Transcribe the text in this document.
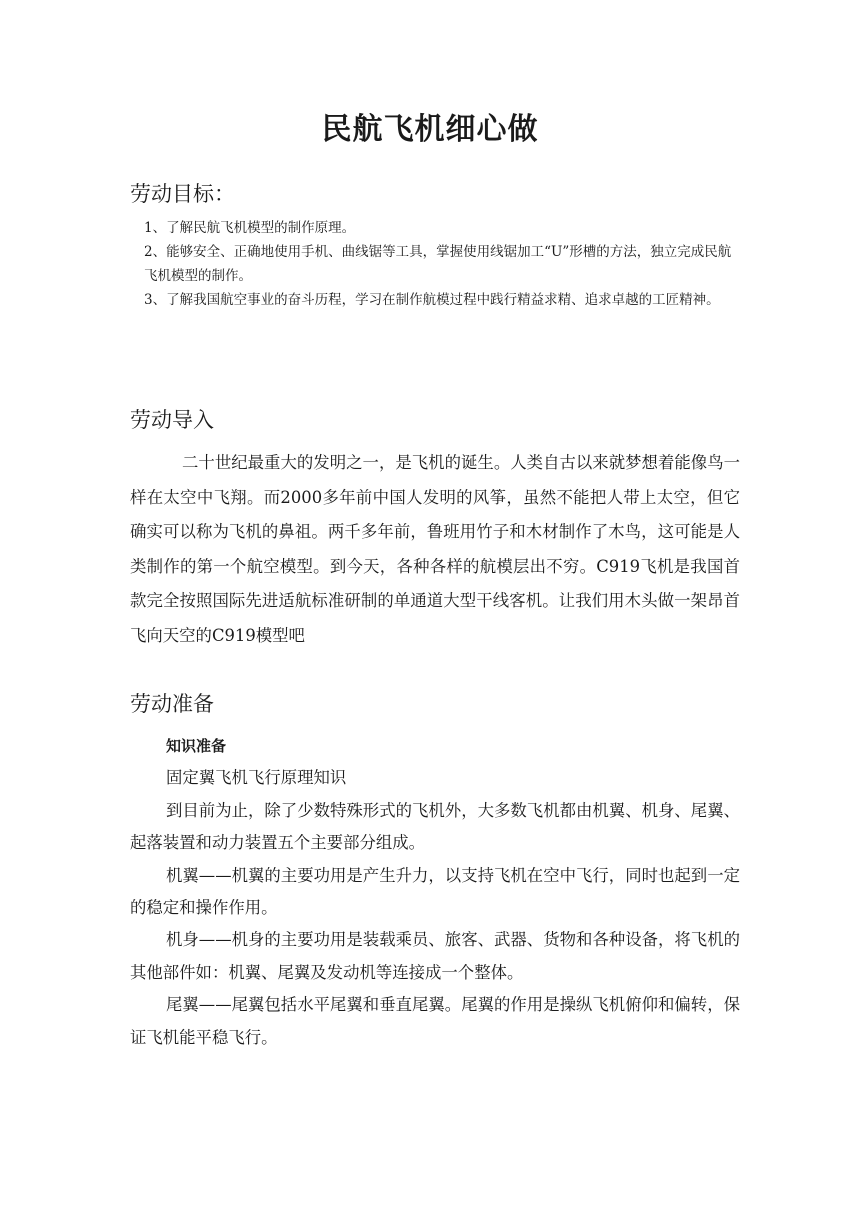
民航飞机细心做
劳动目标：
1、了解民航飞机模型的制作原理。
2、能够安全、正确地使用手机、曲线锯等工具，掌握使用线锯加工“U”形槽的方法，独立完成民航飞机模型的制作。
3、了解我国航空事业的奋斗历程，学习在制作航模过程中践行精益求精、追求卓越的工匠精神。
劳动导入
二十世纪最重大的发明之一，是飞机的诞生。人类自古以来就梦想着能像鸟一样在太空中飞翔。而2000多年前中国人发明的风筝，虽然不能把人带上太空，但它确实可以称为飞机的鼻祖。两千多年前，鲁班用竹子和木材制作了木鸟，这可能是人类制作的第一个航空模型。到今天，各种各样的航模层出不穷。C919飞机是我国首款完全按照国际先进适航标准研制的单通道大型干线客机。让我们用木头做一架昂首飞向天空的C919模型吧
劳动准备

知识准备

固定翼飞机飞行原理知识

到目前为止，除了少数特殊形式的飞机外，大多数飞机都由机翼、机身、尾翼、起落装置和动力装置五个主要部分组成。

机翼——机翼的主要功用是产生升力，以支持飞机在空中飞行，同时也起到一定的稳定和操作作用。

机身——机身的主要功用是装载乘员、旅客、武器、货物和各种设备，将飞机的其他部件如：机翼、尾翼及发动机等连接成一个整体。

尾翼——尾翼包括水平尾翼和垂直尾翼。尾翼的作用是操纵飞机俯仰和偏转，保证飞机能平稳飞行。
